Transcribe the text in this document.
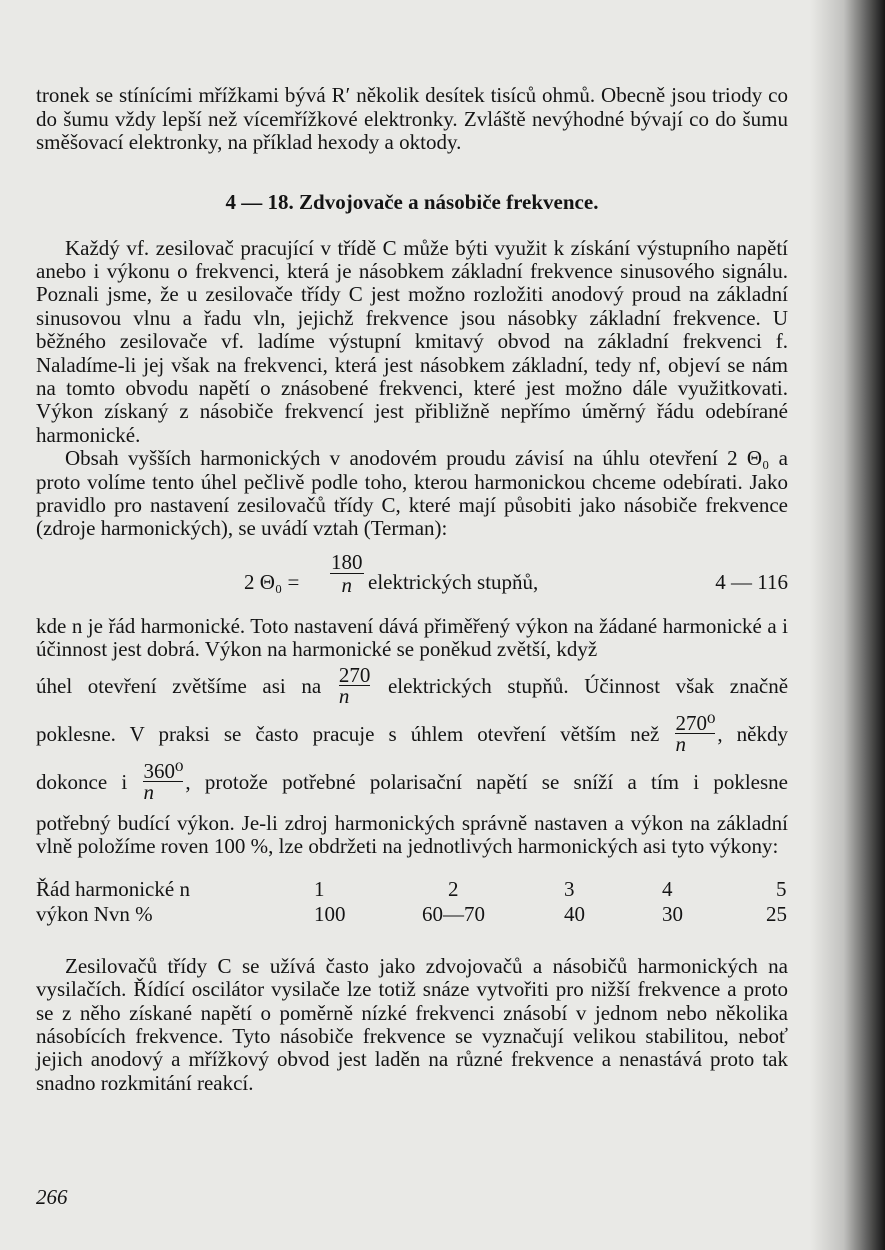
tronek se stínícími mřížkami bývá R′ několik desítek tisíců ohmů. Obecně jsou triody co do šumu vždy lepší než vícemřížkové elektronky. Zvláště nevýhodné bývají co do šumu směšovací elektronky, na příklad hexody a oktody.

4 — 18. Zdvojovače a násobiče frekvence.

Každý vf. zesilovač pracující v třídě C může býti využit k získání výstupního napětí anebo i výkonu o frekvenci, která je násobkem základní frekvence sinusového signálu. Poznali jsme, že u zesilovače třídy C jest možno rozložiti anodový proud na základní sinusovou vlnu a řadu vln, jejichž frekvence jsou násobky základní frekvence. U běžného zesilovače vf. ladíme výstupní kmitavý obvod na základní frekvenci f. Naladíme-li jej však na frekvenci, která jest násobkem základní, tedy nf, objeví se nám na tomto obvodu napětí o znásobené frekvenci, které jest možno dále využitkovati. Výkon získaný z násobiče frekvencí jest přibližně nepřímo úměrný řádu odebírané harmonické.

Obsah vyšších harmonických v anodovém proudu závisí na úhlu otevření 2 Θ₀ a proto volíme tento úhel pečlivě podle toho, kterou harmonickou chceme odebírati. Jako pravidlo pro nastavení zesilovačů třídy C, které mají působiti jako násobiče frekvence (zdroje harmonických), se uvádí vztah (Terman):

2 $\Theta_0 = \frac{180}{n}$ elektrických stupňů,	4 — 116

kde n je řád harmonické. Toto nastavení dává přiměřený výkon na žádané harmonické a i účinnost jest dobrá. Výkon na harmonické se poněkud zvětší, když

úhel otevření zvětšíme asi na $\frac{270}{n}$ elektrických stupňů. Účinnost však značně
poklesne. V praksi se často pracuje s úhlem otevření větším než $\frac{\text{270⁰}}{n}$ , někdy
dokonce i $\frac{\text{360⁰}}{n}$ , protože potřebné polarisační napětí se sníží a tím i poklesne

potřebný budící výkon. Je-li zdroj harmonických správně nastaven a výkon na základní vlně položíme roven 100 %, lze obdržeti na jednotlivých harmonických asi tyto výkony:

Řád harmonické n	1	2	3	4	5
výkon Nvn %	100	60—70	40	30	25

Zesilovačů třídy C se užívá často jako zdvojovačů a násobičů harmonických na vysilačích. Řídící oscilátor vysilače lze totiž snáze vytvořiti pro nižší frekvence a proto se z něho získané napětí o poměrně nízké frekvenci znásobí v jednom nebo několika násobících frekvence. Tyto násobiče frekvence se vyznačují velikou stabilitou, neboť jejich anodový a mřížkový obvod jest laděn na různé frekvence a nenastává proto tak snadno rozkmitání reakcí.

266
